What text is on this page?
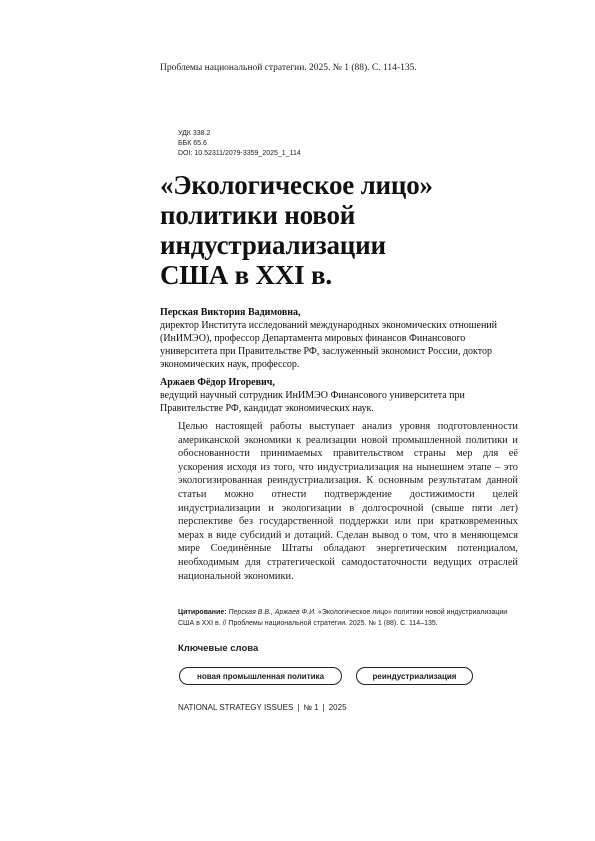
Проблемы национальной стратегии. 2025. № 1 (88). С. 114-135.
УДК 338.2
ББК 65.6
DOI: 10.52311/2079-3359_2025_1_114
«Экологическое лицо»
политики новой
индустриализации
США в XXI в.
Перская Виктория Вадимовна,
директор Института исследований международных экономических отношений (ИнИМЭО), профессор Департамента мировых финансов Финансового университета при Правительстве РФ, заслуженный экономист России, доктор экономических наук, профессор.
Аржаев Фёдор Игоревич,
ведущий научный сотрудник ИнИМЭО Финансового университета при Правительстве РФ, кандидат экономических наук.

Целью настоящей работы выступает анализ уровня подготовленности американской экономики к реализации новой промышленной политики и обоснованности принимаемых правительством страны мер для её ускорения исходя из того, что индустриализация на нынешнем этапе – это экологизированная реиндустриализация. К основным результатам данной статьи можно отнести подтверждение достижимости целей индустриализации и экологизации в долгосрочной (свыше пяти лет) перспективе без государственной поддержки или при кратковременных мерах в виде субсидий и дотаций. Сделан вывод о том, что в меняющемся мире Соединённые Штаты обладают энергетическим потенциалом, необходимым для стратегической самодостаточности ведущих отраслей национальной экономики.

Цитирование: Перская В.В., Аржаев Ф.И. «Экологическое лицо» политики новой индустриализации США в XXI в. // Проблемы национальной стратегии. 2025. № 1 (88). С. 114–135.
Ключевые слова
новая промышленная политика	реиндустриализация
NATIONAL STRATEGY ISSUES | № 1 | 2025
